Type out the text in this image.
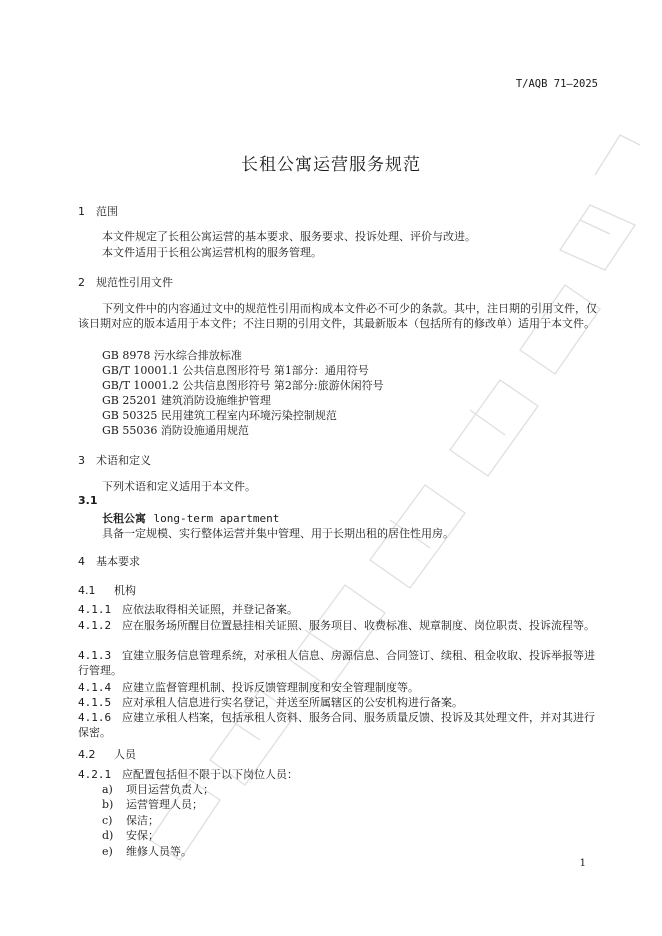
T/AQB 71—2025
长租公寓运营服务规范
1 范围
本文件规定了长租公寓运营的基本要求、服务要求、投诉处理、评价与改进。
本文件适用于长租公寓运营机构的服务管理。
2 规范性引用文件
下列文件中的内容通过文中的规范性引用而构成本文件必不可少的条款。其中，注日期的引用文件，仅该日期对应的版本适用于本文件；不注日期的引用文件，其最新版本（包括所有的修改单）适用于本文件。
GB 8978 污水综合排放标准
GB/T 10001.1 公共信息图形符号 第1部分：通用符号
GB/T 10001.2 公共信息图形符号 第2部分:旅游休闲符号
GB 25201 建筑消防设施维护管理
GB 50325 民用建筑工程室内环境污染控制规范
GB 55036 消防设施通用规范
3 术语和定义
下列术语和定义适用于本文件。
3.1
长租公寓 long-term apartment
具备一定规模、实行整体运营并集中管理、用于长期出租的居住性用房。
4 基本要求
4.1 机构
4.1.1 应依法取得相关证照，并登记备案。
4.1.2 应在服务场所醒目位置悬挂相关证照、服务项目、收费标准、规章制度、岗位职责、投诉流程等。
4.1.3 宜建立服务信息管理系统，对承租人信息、房源信息、合同签订、续租、租金收取、投诉举报等进行管理。
4.1.4 应建立监督管理机制、投诉反馈管理制度和安全管理制度等。
4.1.5 应对承租人信息进行实名登记，并送至所属辖区的公安机构进行备案。
4.1.6 应建立承租人档案，包括承租人资料、服务合同、服务质量反馈、投诉及其处理文件，并对其进行保密。
4.2 人员
4.2.1 应配置包括但不限于以下岗位人员：
a) 项目运营负责人；
b) 运营管理人员；
c) 保洁；
d) 安保；
e) 维修人员等。
1
